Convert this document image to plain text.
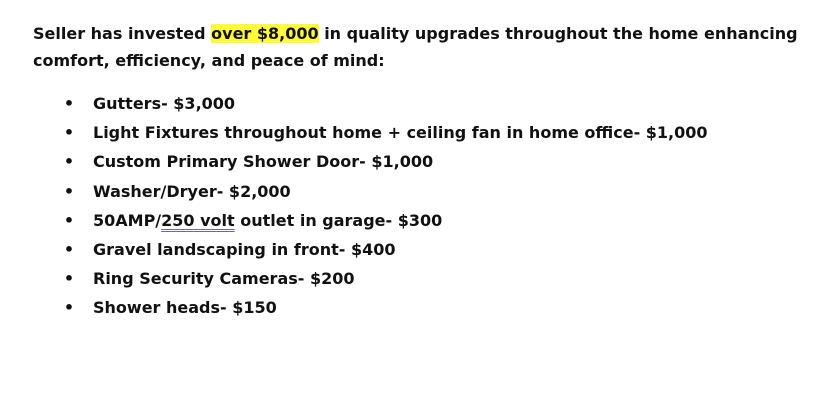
Seller has invested over $8,000 in quality upgrades throughout the home enhancing comfort, efficiency, and peace of mind:

• Gutters- $3,000
• Light Fixtures throughout home + ceiling fan in home office- $1,000
• Custom Primary Shower Door- $1,000
• Washer/Dryer- $2,000
• 50AMP/250 volt outlet in garage- $300
• Gravel landscaping in front- $400
• Ring Security Cameras- $200
• Shower heads- $150
